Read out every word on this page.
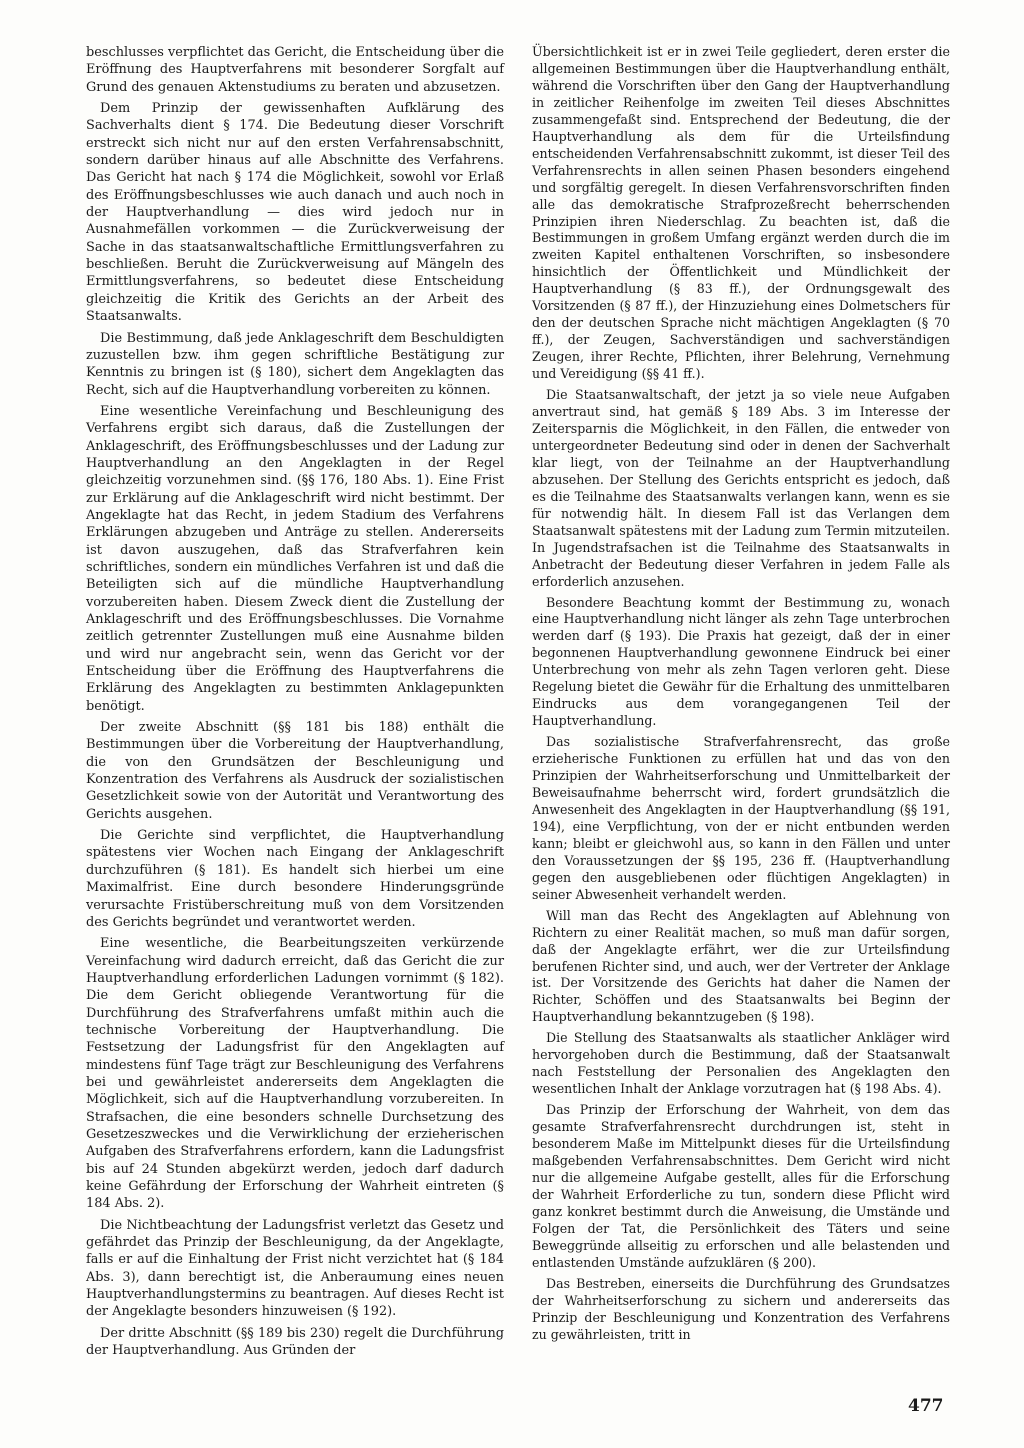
beschlusses verpflichtet das Gericht, die Entscheidung über die Eröffnung des Hauptverfahrens mit besonderer Sorgfalt auf Grund des genauen Aktenstudiums zu beraten und abzusetzen.

Dem Prinzip der gewissenhaften Aufklärung des Sachverhalts dient § 174. Die Bedeutung dieser Vorschrift erstreckt sich nicht nur auf den ersten Verfahrensabschnitt, sondern darüber hinaus auf alle Abschnitte des Verfahrens. Das Gericht hat nach § 174 die Möglichkeit, sowohl vor Erlaß des Eröffnungsbeschlusses wie auch danach und auch noch in der Hauptverhandlung — dies wird jedoch nur in Ausnahmefällen vorkommen — die Zurückverweisung der Sache in das staatsanwaltschaftliche Ermittlungsverfahren zu beschließen. Beruht die Zurückverweisung auf Mängeln des Ermittlungsverfahrens, so bedeutet diese Entscheidung gleichzeitig die Kritik des Gerichts an der Arbeit des Staatsanwalts.

Die Bestimmung, daß jede Anklageschrift dem Beschuldigten zuzustellen bzw. ihm gegen schriftliche Bestätigung zur Kenntnis zu bringen ist (§ 180), sichert dem Angeklagten das Recht, sich auf die Hauptverhandlung vorbereiten zu können.

Eine wesentliche Vereinfachung und Beschleunigung des Verfahrens ergibt sich daraus, daß die Zustellungen der Anklageschrift, des Eröffnungsbeschlusses und der Ladung zur Hauptverhandlung an den Angeklagten in der Regel gleichzeitig vorzunehmen sind. (§§ 176, 180 Abs. 1). Eine Frist zur Erklärung auf die Anklageschrift wird nicht bestimmt. Der Angeklagte hat das Recht, in jedem Stadium des Verfahrens Erklärungen abzugeben und Anträge zu stellen. Andererseits ist davon auszugehen, daß das Strafverfahren kein schriftliches, sondern ein mündliches Verfahren ist und daß die Beteiligten sich auf die mündliche Hauptverhandlung vorzubereiten haben. Diesem Zweck dient die Zustellung der Anklageschrift und des Eröffnungsbeschlusses. Die Vornahme zeitlich getrennter Zustellungen muß eine Ausnahme bilden und wird nur angebracht sein, wenn das Gericht vor der Entscheidung über die Eröffnung des Hauptverfahrens die Erklärung des Angeklagten zu bestimmten Anklagepunkten benötigt.

Der zweite Abschnitt (§§ 181 bis 188) enthält die Bestimmungen über die Vorbereitung der Hauptverhandlung, die von den Grundsätzen der Beschleunigung und Konzentration des Verfahrens als Ausdruck der sozialistischen Gesetzlichkeit sowie von der Autorität und Verantwortung des Gerichts ausgehen.

Die Gerichte sind verpflichtet, die Hauptverhandlung spätestens vier Wochen nach Eingang der Anklageschrift durchzuführen (§ 181). Es handelt sich hierbei um eine Maximalfrist. Eine durch besondere Hinderungsgründe verursachte Fristüberschreitung muß von dem Vorsitzenden des Gerichts begründet und verantwortet werden.

Eine wesentliche, die Bearbeitungszeiten verkürzende Vereinfachung wird dadurch erreicht, daß das Gericht die zur Hauptverhandlung erforderlichen Ladungen vornimmt (§ 182). Die dem Gericht obliegende Verantwortung für die Durchführung des Strafverfahrens umfaßt mithin auch die technische Vorbereitung der Hauptverhandlung. Die Festsetzung der Ladungsfrist für den Angeklagten auf mindestens fünf Tage trägt zur Beschleunigung des Verfahrens bei und gewährleistet andererseits dem Angeklagten die Möglichkeit, sich auf die Hauptverhandlung vorzubereiten. In Strafsachen, die eine besonders schnelle Durchsetzung des Gesetzeszweckes und die Verwirklichung der erzieherischen Aufgaben des Strafverfahrens erfordern, kann die Ladungsfrist bis auf 24 Stunden abgekürzt werden, jedoch darf dadurch keine Gefährdung der Erforschung der Wahrheit eintreten (§ 184 Abs. 2).

Die Nichtbeachtung der Ladungsfrist verletzt das Gesetz und gefährdet das Prinzip der Beschleunigung, da der Angeklagte, falls er auf die Einhaltung der Frist nicht verzichtet hat (§ 184 Abs. 3), dann berechtigt ist, die Anberaumung eines neuen Hauptverhandlungstermins zu beantragen. Auf dieses Recht ist der Angeklagte besonders hinzuweisen (§ 192).

Der dritte Abschnitt (§§ 189 bis 230) regelt die Durchführung der Hauptverhandlung. Aus Gründen der

Übersichtlichkeit ist er in zwei Teile gegliedert, deren erster die allgemeinen Bestimmungen über die Hauptverhandlung enthält, während die Vorschriften über den Gang der Hauptverhandlung in zeitlicher Reihenfolge im zweiten Teil dieses Abschnittes zusammengefaßt sind. Entsprechend der Bedeutung, die der Hauptverhandlung als dem für die Urteilsfindung entscheidenden Verfahrensabschnitt zukommt, ist dieser Teil des Verfahrensrechts in allen seinen Phasen besonders eingehend und sorgfältig geregelt. In diesen Verfahrensvorschriften finden alle das demokratische Strafprozeßrecht beherrschenden Prinzipien ihren Niederschlag. Zu beachten ist, daß die Bestimmungen in großem Umfang ergänzt werden durch die im zweiten Kapitel enthaltenen Vorschriften, so insbesondere hinsichtlich der Öffentlichkeit und Mündlichkeit der Hauptverhandlung (§ 83 ff.), der Ordnungsgewalt des Vorsitzenden (§ 87 ff.), der Hinzuziehung eines Dolmetschers für den der deutschen Sprache nicht mächtigen Angeklagten (§ 70 ff.), der Zeugen, Sachverständigen und sachverständigen Zeugen, ihrer Rechte, Pflichten, ihrer Belehrung, Vernehmung und Vereidigung (§§ 41 ff.).

Die Staatsanwaltschaft, der jetzt ja so viele neue Aufgaben anvertraut sind, hat gemäß § 189 Abs. 3 im Interesse der Zeitersparnis die Möglichkeit, in den Fällen, die entweder von untergeordneter Bedeutung sind oder in denen der Sachverhalt klar liegt, von der Teilnahme an der Hauptverhandlung abzusehen. Der Stellung des Gerichts entspricht es jedoch, daß es die Teilnahme des Staatsanwalts verlangen kann, wenn es sie für notwendig hält. In diesem Fall ist das Verlangen dem Staatsanwalt spätestens mit der Ladung zum Termin mitzuteilen. In Jugendstrafsachen ist die Teilnahme des Staatsanwalts in Anbetracht der Bedeutung dieser Verfahren in jedem Falle als erforderlich anzusehen.

Besondere Beachtung kommt der Bestimmung zu, wonach eine Hauptverhandlung nicht länger als zehn Tage unterbrochen werden darf (§ 193). Die Praxis hat gezeigt, daß der in einer begonnenen Hauptverhandlung gewonnene Eindruck bei einer Unterbrechung von mehr als zehn Tagen verloren geht. Diese Regelung bietet die Gewähr für die Erhaltung des unmittelbaren Eindrucks aus dem vorangegangenen Teil der Hauptverhandlung.

Das sozialistische Strafverfahrensrecht, das große erzieherische Funktionen zu erfüllen hat und das von den Prinzipien der Wahrheitserforschung und Unmittelbarkeit der Beweisaufnahme beherrscht wird, fordert grundsätzlich die Anwesenheit des Angeklagten in der Hauptverhandlung (§§ 191, 194), eine Verpflichtung, von der er nicht entbunden werden kann; bleibt er gleichwohl aus, so kann in den Fällen und unter den Voraussetzungen der §§ 195, 236 ff. (Hauptverhandlung gegen den ausgebliebenen oder flüchtigen Angeklagten) in seiner Abwesenheit verhandelt werden.

Will man das Recht des Angeklagten auf Ablehnung von Richtern zu einer Realität machen, so muß man dafür sorgen, daß der Angeklagte erfährt, wer die zur Urteilsfindung berufenen Richter sind, und auch, wer der Vertreter der Anklage ist. Der Vorsitzende des Gerichts hat daher die Namen der Richter, Schöffen und des Staatsanwalts bei Beginn der Hauptverhandlung bekanntzugeben (§ 198).

Die Stellung des Staatsanwalts als staatlicher Ankläger wird hervorgehoben durch die Bestimmung, daß der Staatsanwalt nach Feststellung der Personalien des Angeklagten den wesentlichen Inhalt der Anklage vorzutragen hat (§ 198 Abs. 4).

Das Prinzip der Erforschung der Wahrheit, von dem das gesamte Strafverfahrensrecht durchdrungen ist, steht in besonderem Maße im Mittelpunkt dieses für die Urteilsfindung maßgebenden Verfahrensabschnittes. Dem Gericht wird nicht nur die allgemeine Aufgabe gestellt, alles für die Erforschung der Wahrheit Erforderliche zu tun, sondern diese Pflicht wird ganz konkret bestimmt durch die Anweisung, die Umstände und Folgen der Tat, die Persönlichkeit des Täters und seine Beweggründe allseitig zu erforschen und alle belastenden und entlastenden Umstände aufzuklären (§ 200).

Das Bestreben, einerseits die Durchführung des Grundsatzes der Wahrheitserforschung zu sichern und andererseits das Prinzip der Beschleunigung und Konzentration des Verfahrens zu gewährleisten, tritt in

477
